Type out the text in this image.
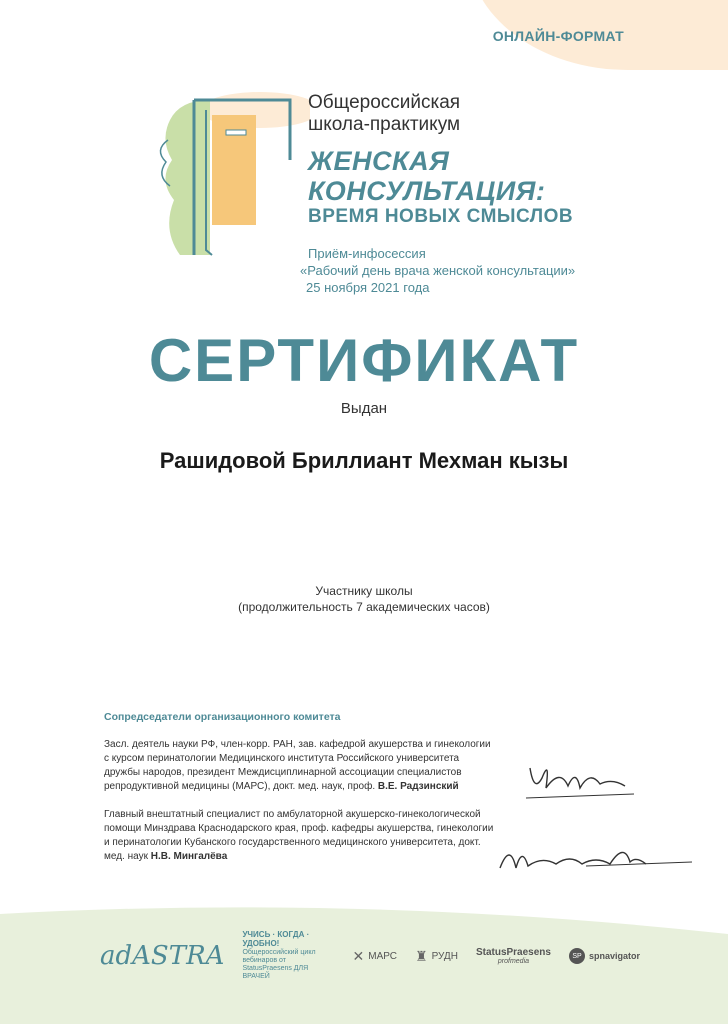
ОНЛАЙН-ФОРМАТ
Общероссийская
школа-практикум
ЖЕНСКАЯ
КОНСУЛЬТАЦИЯ:
ВРЕМЯ НОВЫХ СМЫСЛОВ
Приём-инфосессия
«Рабочий день врача женской консультации»
25 ноября 2021 года
СЕРТИФИКАТ
Выдан
Рашидовой Бриллиант Мехман кызы
Участнику школы
(продолжительность 7 академических часов)
Сопредседатели организационного комитета
Засл. деятель науки РФ, член-корр. РАН, зав. кафедрой акушерства и гинекологии с курсом перинатологии Медицинского института Российского университета дружбы народов, президент Междисциплинарной ассоциации специалистов репродуктивной медицины (МАРС), докт. мед. наук, проф. В.Е. Радзинский
Главный внештатный специалист по амбулаторной акушерско-гинекологической помощи Минздрава Краснодарского края, проф. кафедры акушерства, гинекологии и перинатологии Кубанского государственного медицинского университета, докт. мед. наук Н.В. Мингалёва
adASTRA
УЧИСЬ · КОГДА · УДОБНО!
Общероссийский цикл вебинаров от StatusPraesens ДЛЯ ВРАЧЕЙ
✕ МАРС ♜ РУДН StatusPraesens
profmedia
SP spnavigator
